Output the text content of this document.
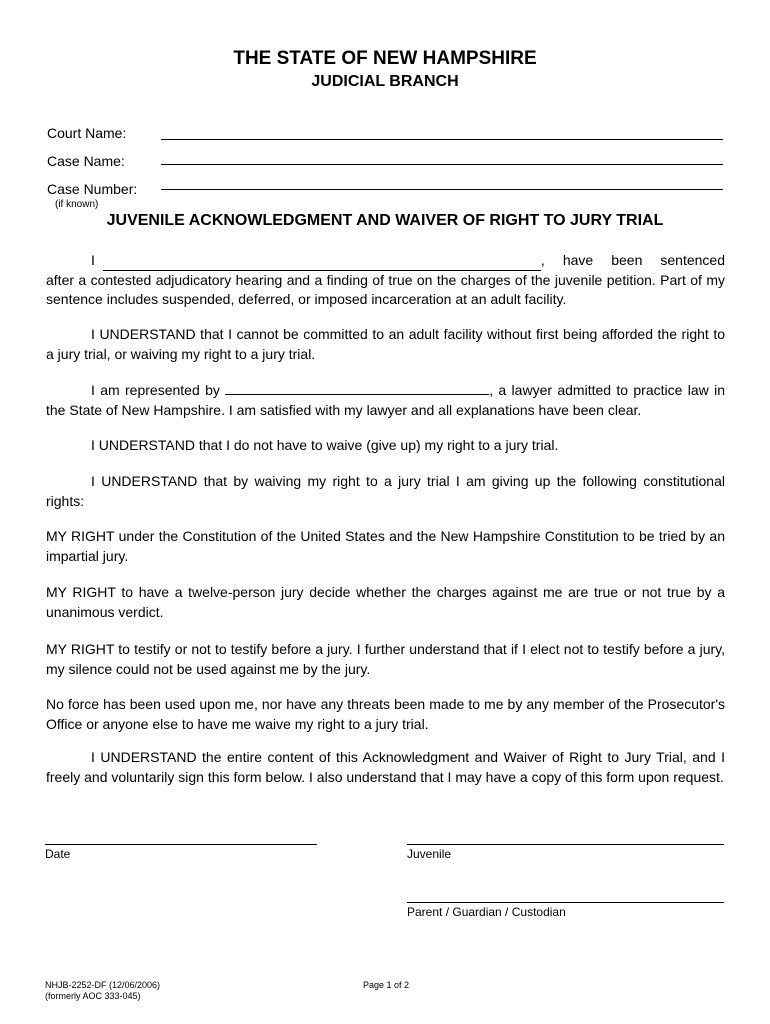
THE STATE OF NEW HAMPSHIRE
JUDICIAL BRANCH
Court Name:
Case Name:
Case Number:
(if known)
JUVENILE ACKNOWLEDGMENT AND WAIVER OF RIGHT TO JURY TRIAL
I	, have been sentenced
after a contested adjudicatory hearing and a finding of true on the charges of the juvenile petition. Part of my sentence includes suspended, deferred, or imposed incarceration at an adult facility.
I UNDERSTAND that I cannot be committed to an adult facility without first being afforded the right to a jury trial, or waiving my right to a jury trial.
I am represented by	, a lawyer admitted to practice law in the State of New Hampshire. I am satisfied with my lawyer and all explanations have been clear.
I UNDERSTAND that I do not have to waive (give up) my right to a jury trial.
I UNDERSTAND that by waiving my right to a jury trial I am giving up the following constitutional rights:
MY RIGHT under the Constitution of the United States and the New Hampshire Constitution to be tried by an impartial jury.
MY RIGHT to have a twelve-person jury decide whether the charges against me are true or not true by a unanimous verdict.
MY RIGHT to testify or not to testify before a jury. I further understand that if I elect not to testify before a jury, my silence could not be used against me by the jury.
No force has been used upon me, nor have any threats been made to me by any member of the Prosecutor's Office or anyone else to have me waive my right to a jury trial.
I UNDERSTAND the entire content of this Acknowledgment and Waiver of Right to Jury Trial, and I freely and voluntarily sign this form below. I also understand that I may have a copy of this form upon request.
Date	Juvenile
Parent / Guardian / Custodian
NHJB-2252-DF (12/06/2006)
(formerly AOC 333-045)
Page 1 of 2
